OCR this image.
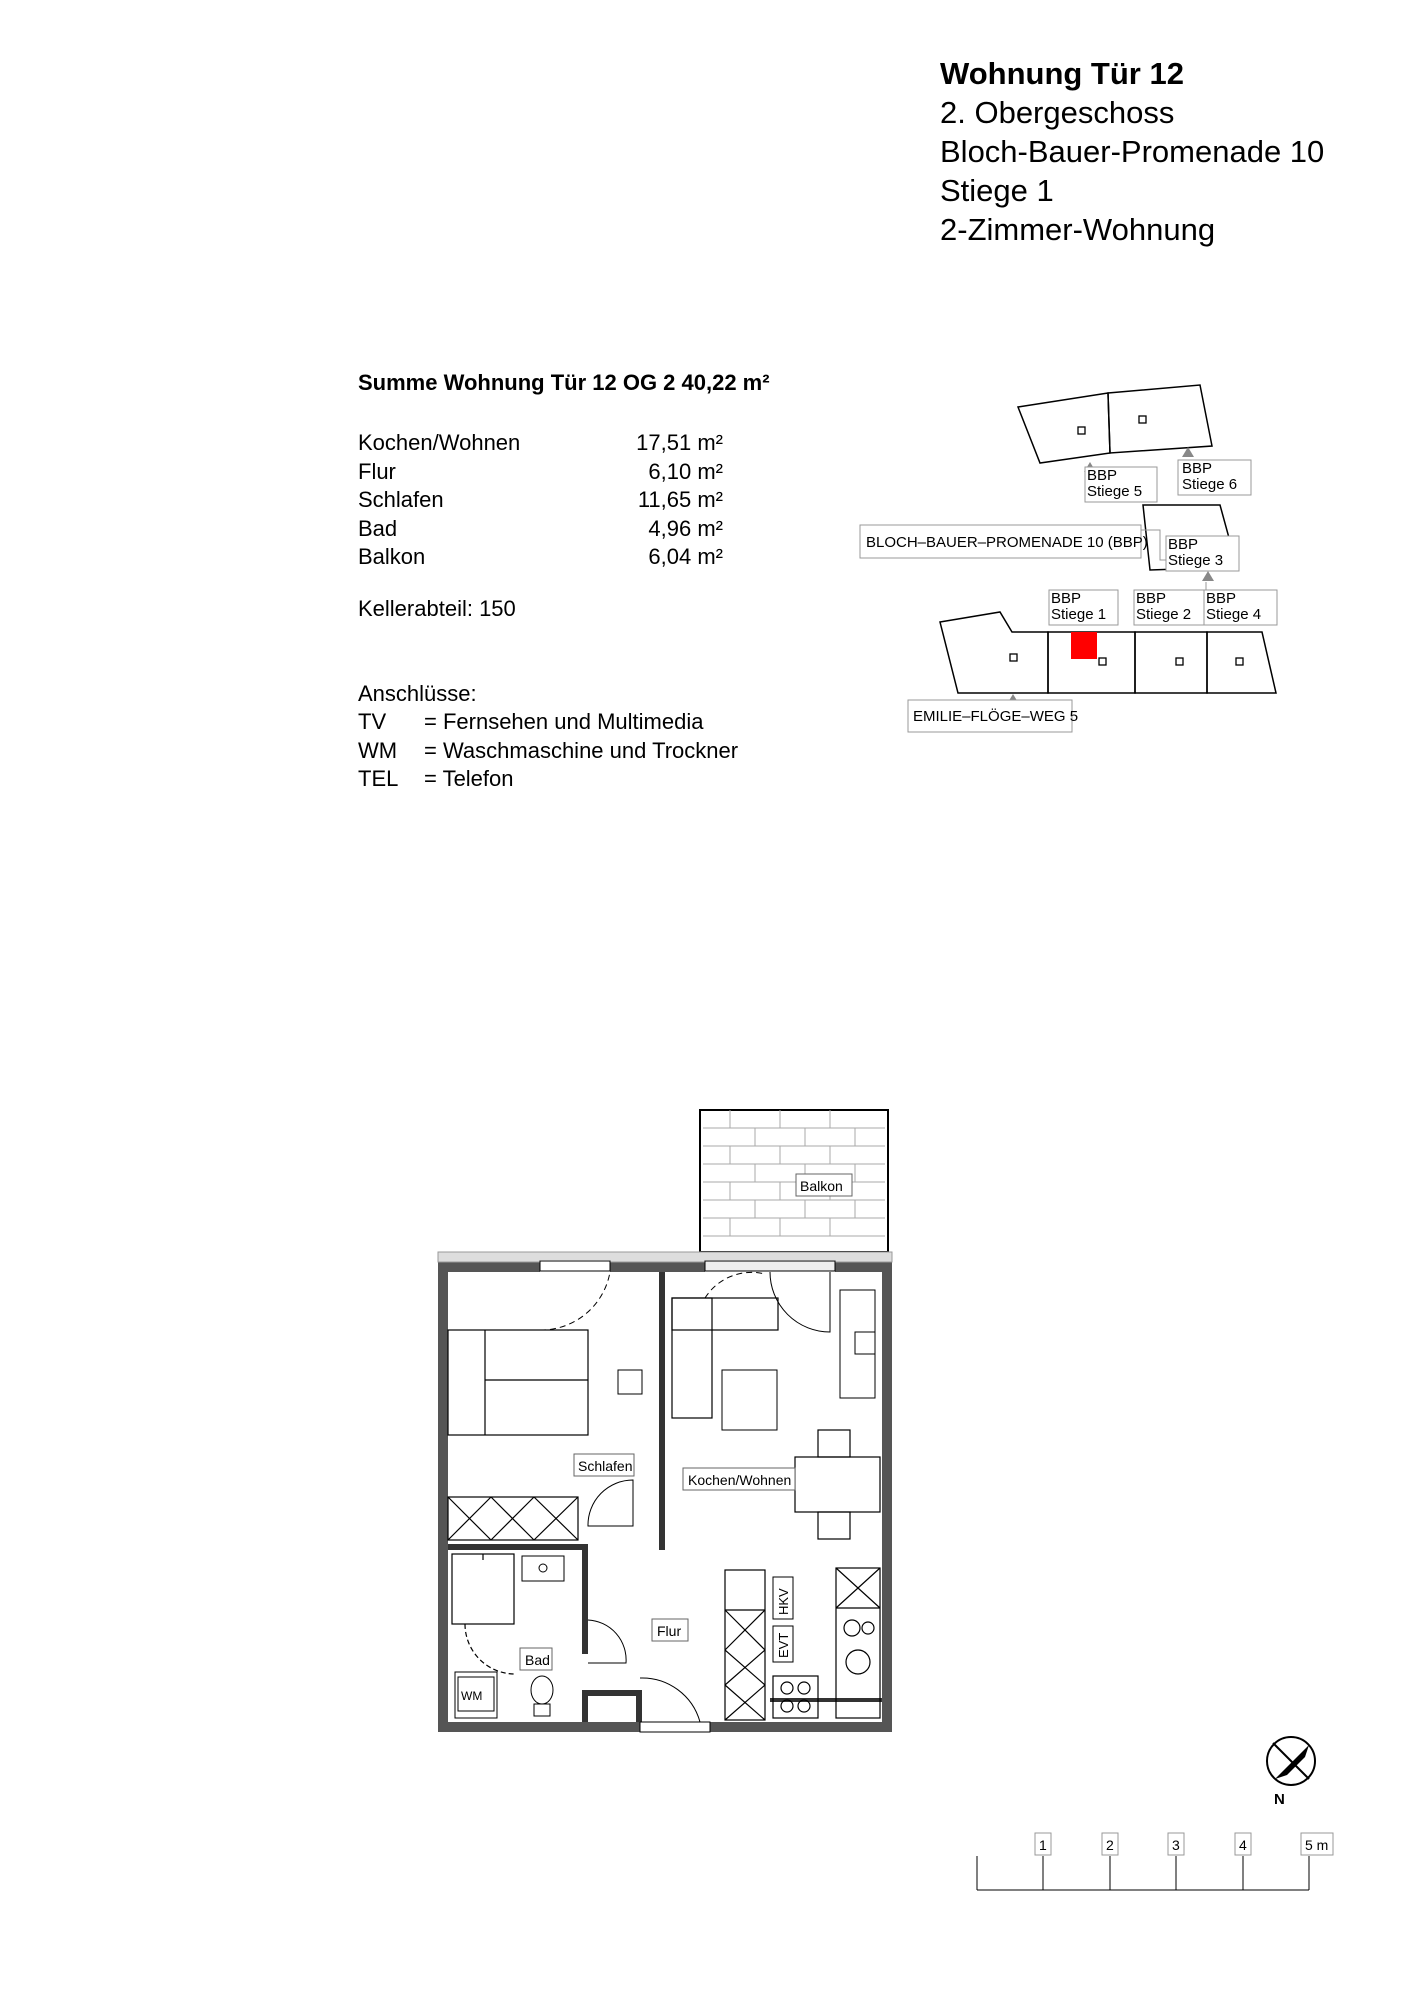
Wohnung Tür 12
2. Obergeschoss
Bloch-Bauer-Promenade 10
Stiege 1
2-Zimmer-Wohnung
Summe Wohnung Tür 12 OG 2 40,22 m²
Kochen/Wohnen	17,51 m²
Flur	6,10 m²
Schlafen	11,65 m²
Bad	4,96 m²
Balkon	6,04 m²
Kellerabteil: 150
Anschlüsse:
TV	= Fernsehen und Multimedia
WM	= Waschmaschine und Trockner
TEL	= Telefon
BLOCH–BAUER–PROMENADE 10 (BBP)
EMILIE–FLÖGE–WEG 5
BBP
Stiege 5
BBP
Stiege 6
BBP
Stiege 3
BBP
Stiege 1
BBP
Stiege 2
BBP
Stiege 4
Balkon
Schlafen
Kochen/Wohnen
HKV
EVT
Flur
WM
Bad
N
1	2	3	4	5 m
